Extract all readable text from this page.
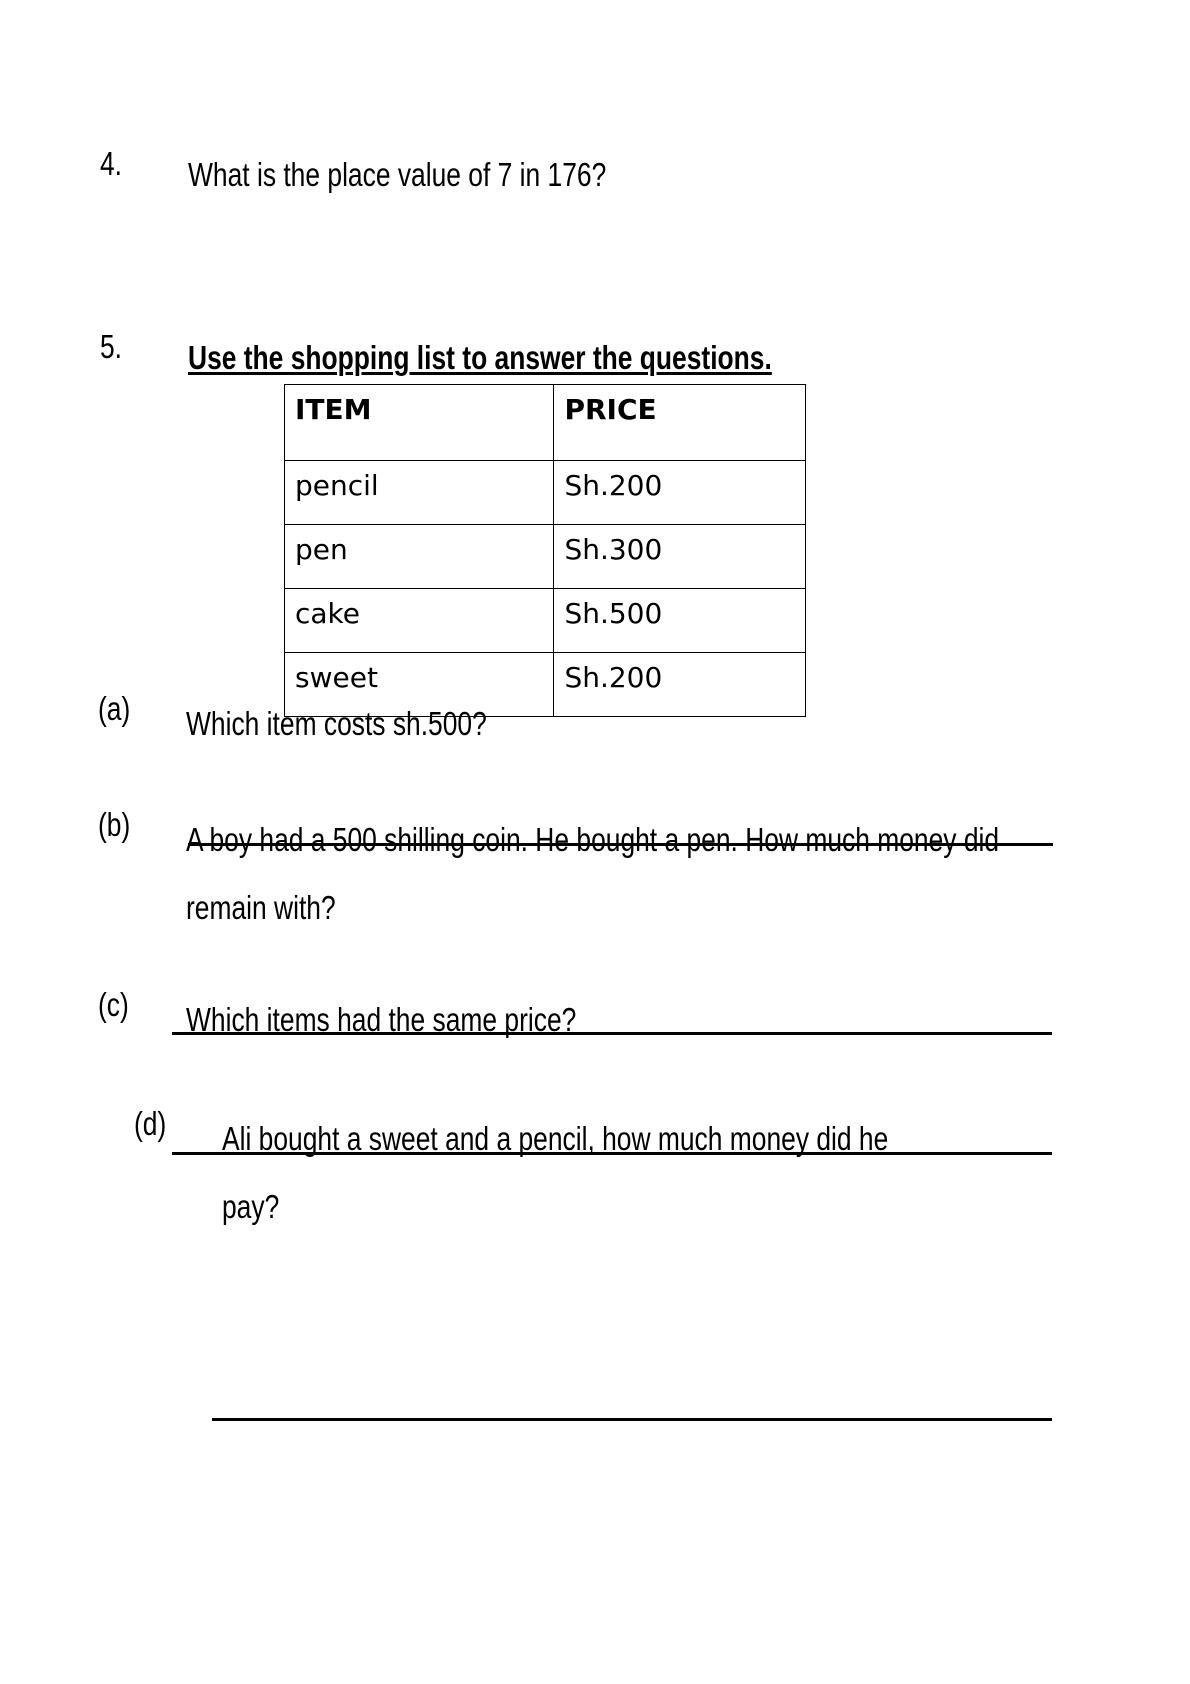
4.	What is the place value of 7 in 176?
5.	Use the shopping list to answer the questions.
ITEM	PRICE
pencil	Sh.200
pen	Sh.300
cake	Sh.500
sweet	Sh.200
(a)	Which item costs sh.500?
(b)	A boy had a 500 shilling coin. He bought a pen. How much money did remain with?
(c)	Which items had the same price?
(d)	Ali bought a sweet and a pencil, how much money did he pay?
